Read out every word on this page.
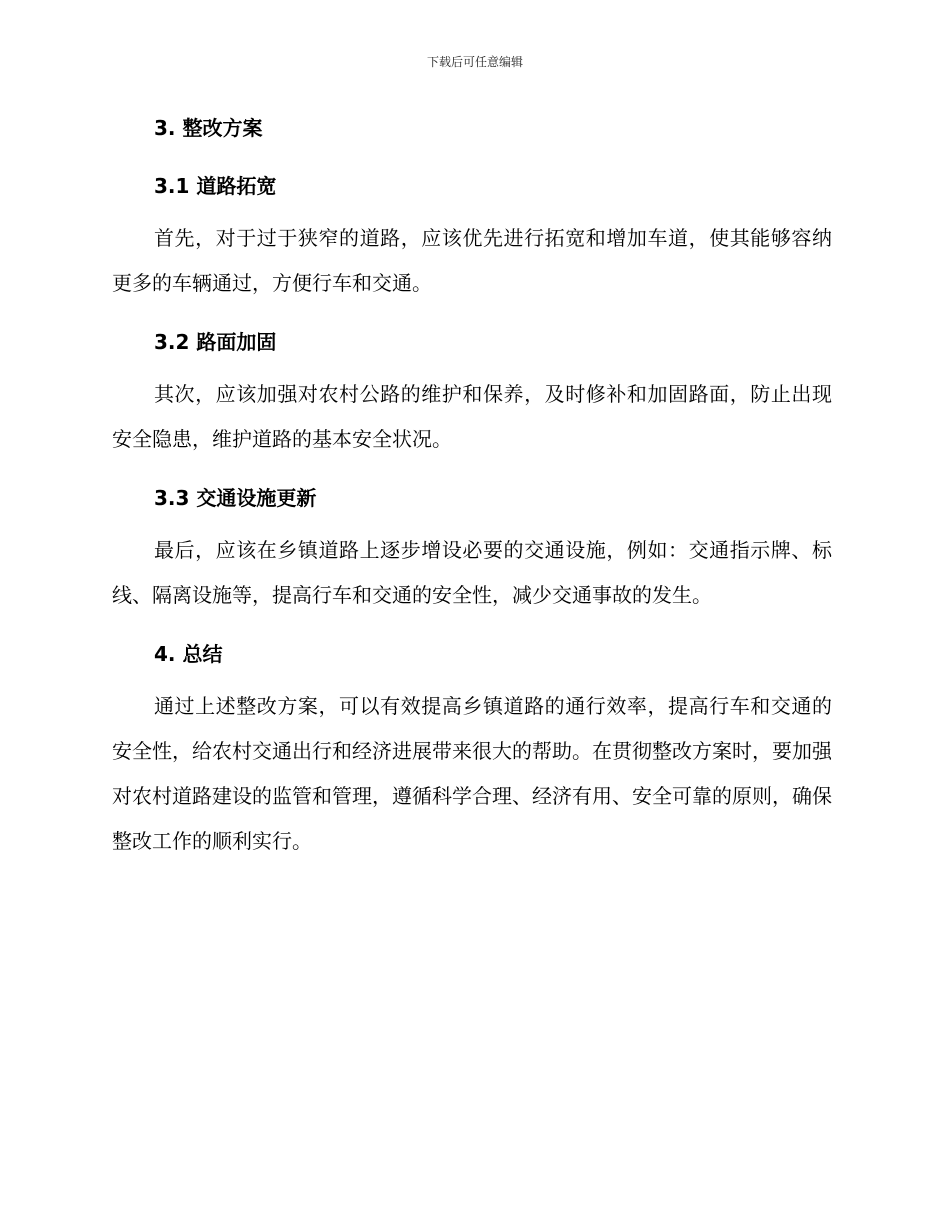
下载后可任意编辑
3. 整改方案
3.1 道路拓宽

首先，对于过于狭窄的道路，应该优先进行拓宽和增加车道，使其能够容纳更多的车辆通过，方便行车和交通。

3.2 路面加固

其次，应该加强对农村公路的维护和保养，及时修补和加固路面，防止出现安全隐患，维护道路的基本安全状况。

3.3 交通设施更新

最后，应该在乡镇道路上逐步增设必要的交通设施，例如：交通指示牌、标线、隔离设施等，提高行车和交通的安全性，减少交通事故的发生。

4. 总结

通过上述整改方案，可以有效提高乡镇道路的通行效率，提高行车和交通的安全性，给农村交通出行和经济进展带来很大的帮助。在贯彻整改方案时，要加强对农村道路建设的监管和管理，遵循科学合理、经济有用、安全可靠的原则，确保整改工作的顺利实行。
